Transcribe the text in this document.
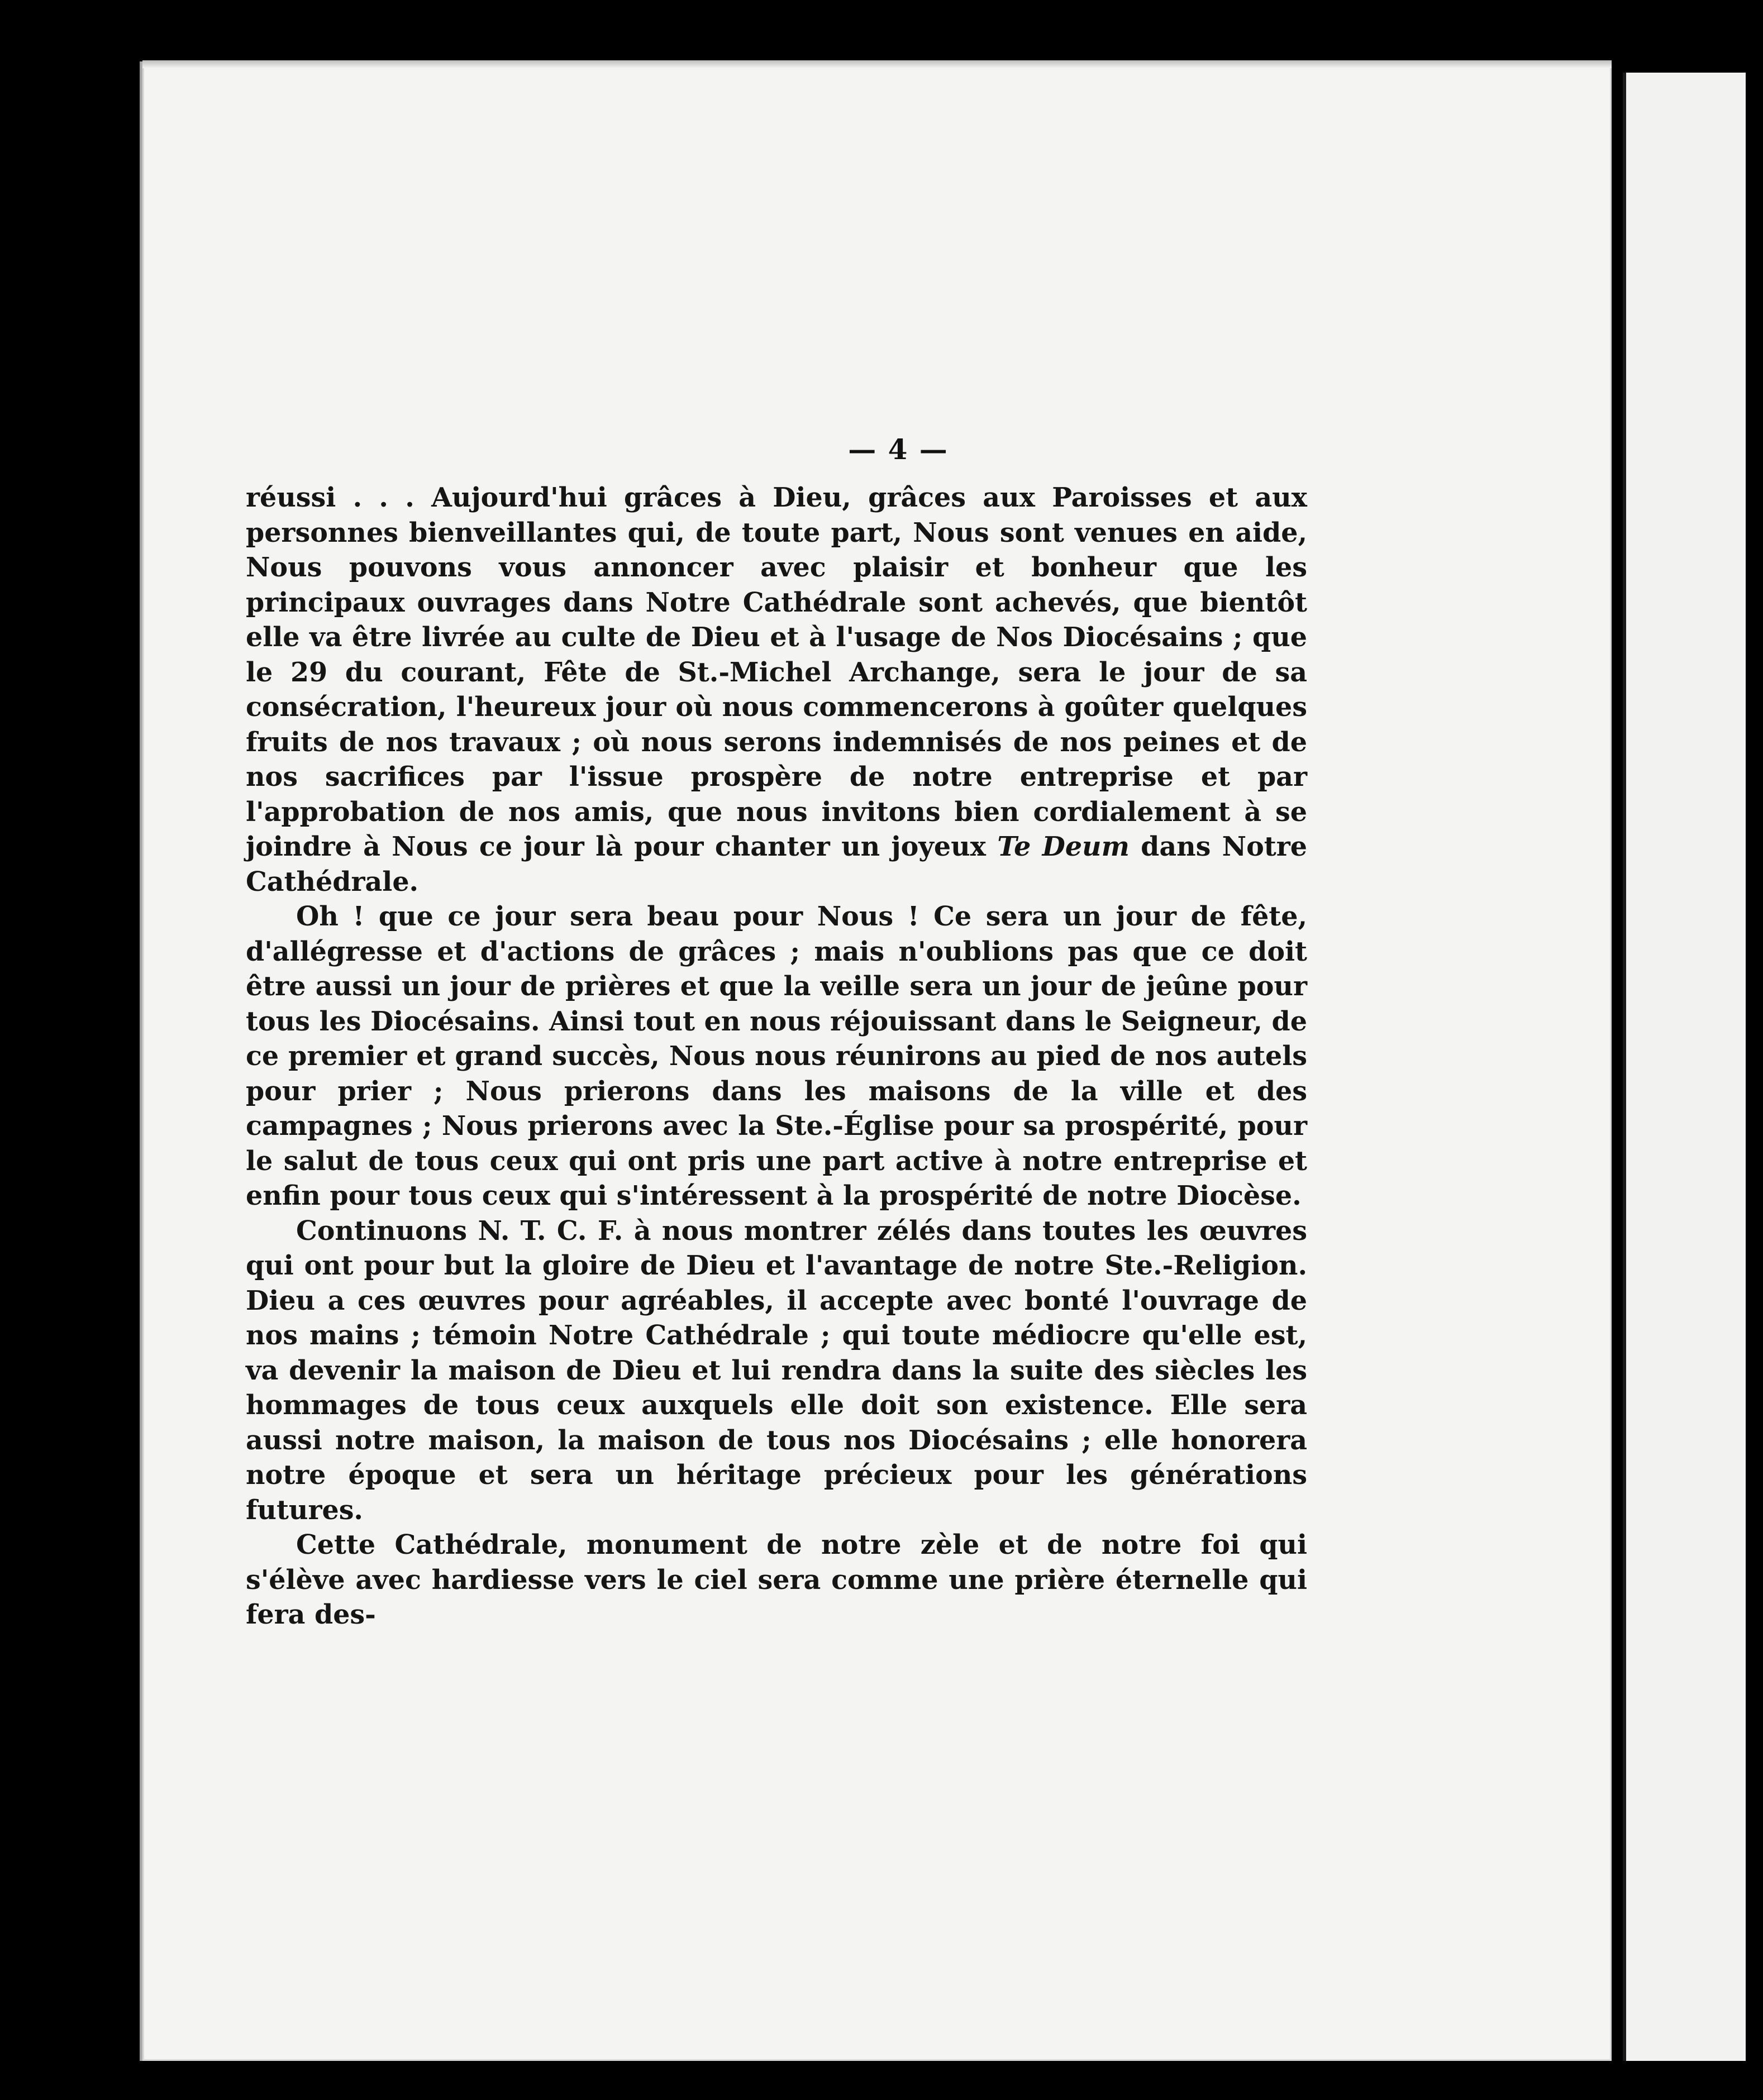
— 4 —

réussi . . . Aujourd'hui grâces à Dieu, grâces aux Paroisses et aux personnes bienveillantes qui, de toute part, Nous sont venues en aide, Nous pouvons vous annoncer avec plaisir et bonheur que les principaux ouvrages dans Notre Cathédrale sont achevés, que bientôt elle va être livrée au culte de Dieu et à l'usage de Nos Diocésains ; que le 29 du courant, Fête de St.-Michel Archange, sera le jour de sa consécration, l'heureux jour où nous commencerons à goûter quelques fruits de nos travaux ; où nous serons indemnisés de nos peines et de nos sacrifices par l'issue prospère de notre entreprise et par l'approbation de nos amis, que nous invitons bien cordialement à se joindre à Nous ce jour là pour chanter un joyeux Te Deum dans Notre Cathédrale.

Oh ! que ce jour sera beau pour Nous ! Ce sera un jour de fête, d'allégresse et d'actions de grâces ; mais n'oublions pas que ce doit être aussi un jour de prières et que la veille sera un jour de jeûne pour tous les Diocésains. Ainsi tout en nous réjouissant dans le Seigneur, de ce premier et grand succès, Nous nous réunirons au pied de nos autels pour prier ; Nous prierons dans les maisons de la ville et des campagnes ; Nous prierons avec la Ste.-Église pour sa prospérité, pour le salut de tous ceux qui ont pris une part active à notre entreprise et enfin pour tous ceux qui s'intéressent à la prospérité de notre Diocèse.

Continuons N. T. C. F. à nous montrer zélés dans toutes les œuvres qui ont pour but la gloire de Dieu et l'avantage de notre Ste.-Religion. Dieu a ces œuvres pour agréables, il accepte avec bonté l'ouvrage de nos mains ; témoin Notre Cathédrale ; qui toute médiocre qu'elle est, va devenir la maison de Dieu et lui rendra dans la suite des siècles les hommages de tous ceux auxquels elle doit son existence. Elle sera aussi notre maison, la maison de tous nos Diocésains ; elle honorera notre époque et sera un héritage précieux pour les générations futures.

Cette Cathédrale, monument de notre zèle et de notre foi qui s'élève avec hardiesse vers le ciel sera comme une prière éternelle qui fera des-
